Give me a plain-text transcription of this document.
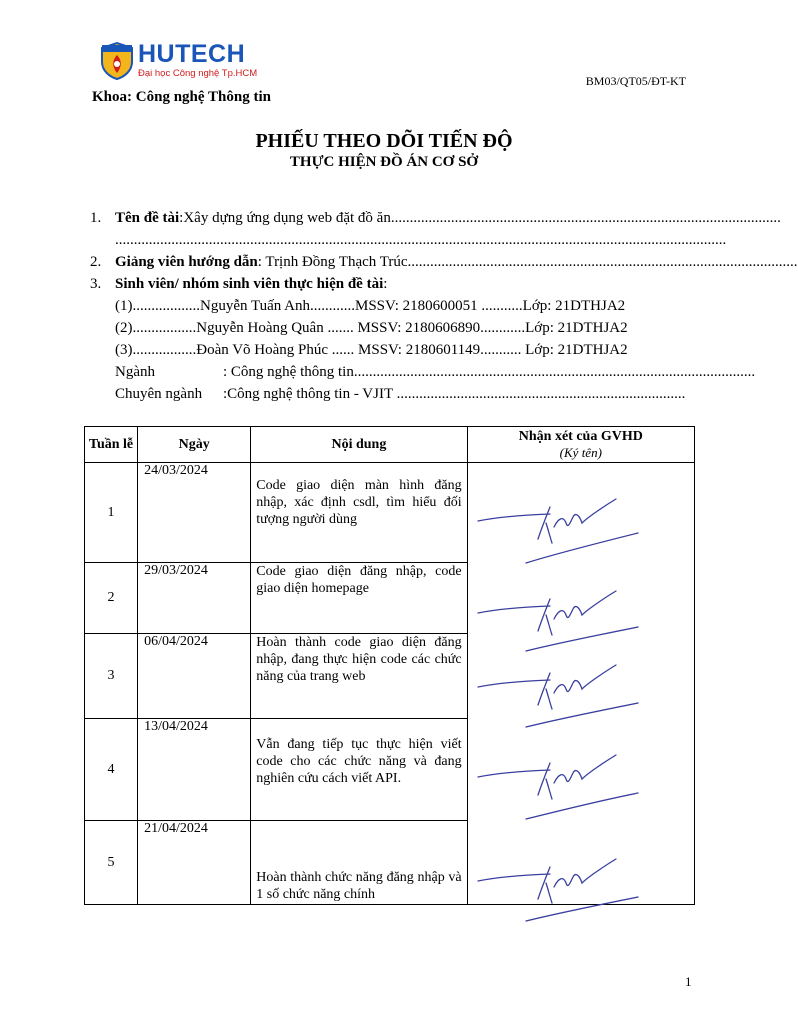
HUTECH
Đại học Công nghệ Tp.HCM
BM03/QT05/ĐT-KT
Khoa: Công nghệ Thông tin
PHIẾU THEO DÕI TIẾN ĐỘ
THỰC HIỆN ĐỒ ÁN CƠ SỞ
1. Tên đề tài:Xây dựng ứng dụng web đặt đồ ăn........................................................................................................
...................................................................................................................................................................
2. Giảng viên hướng dẫn: Trịnh Đồng Thạch Trúc........................................................................................................
3. Sinh viên/ nhóm sinh viên thực hiện đề tài:
(1)..................Nguyễn Tuấn Anh............MSSV: 2180600051 ...........Lớp: 21DTHJA2
(2).................Nguyễn Hoàng Quân ....... MSSV: 2180606890............Lớp: 21DTHJA2
(3).................Đoàn Võ Hoàng Phúc ...... MSSV: 2180601149........... Lớp: 21DTHJA2
Ngành	: Công nghệ thông tin...........................................................................................................
Chuyên ngành :Công nghệ thông tin - VJIT .............................................................................
Tuần lễ	Ngày	Nội dung	Nhận xét của GVHD
(Ký tên)

1	24/03/2024	Code giao diện màn hình đăng nhập, xác định csdl, tìm hiểu đối tượng người dùng

2	29/03/2024	Code giao diện đăng nhập, code giao diện homepage	

3	06/04/2024	Hoàn thành code giao diện đăng nhập, đang thực hiện code các chức năng của trang web	

4	13/04/2024	Vẫn đang tiếp tục thực hiện viết code cho các chức năng và đang nghiên cứu cách viết API.	

5	21/04/2024	Hoàn thành chức năng đăng nhập và 1 số chức năng chính	
1
